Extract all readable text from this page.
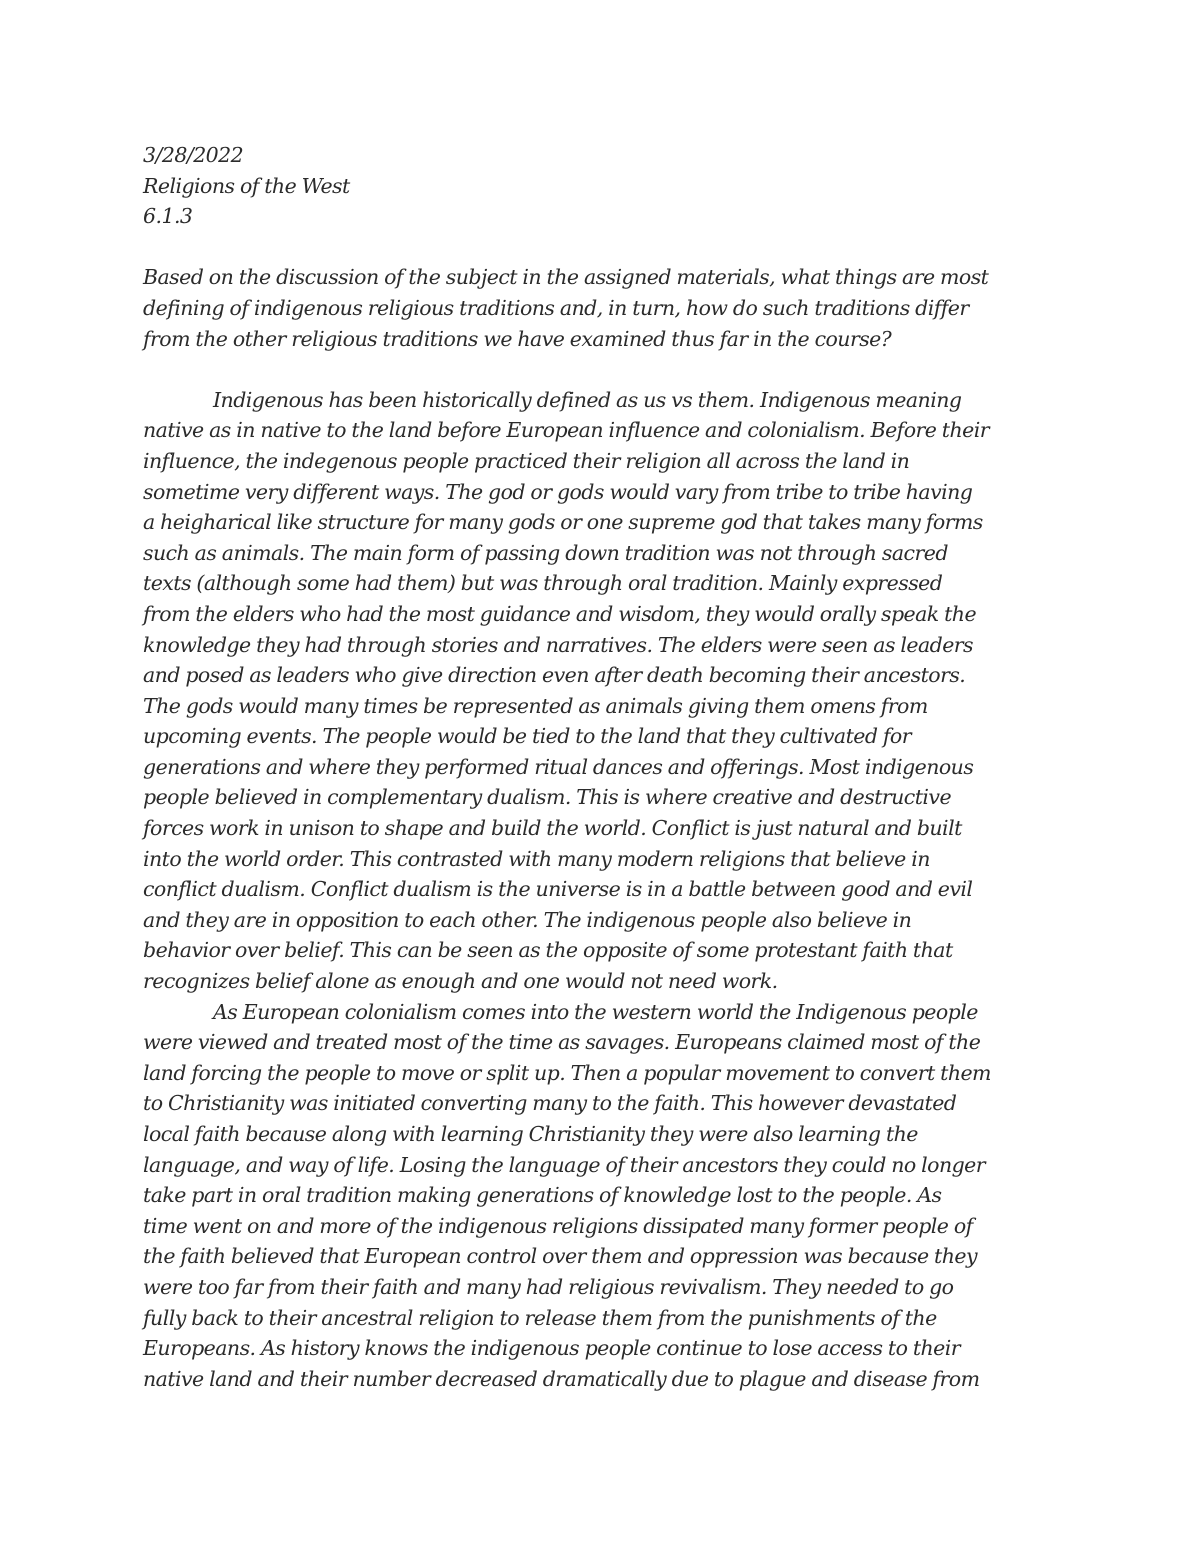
3/28/2022
Religions of the West
6.1.3
Based on the discussion of the subject in the assigned materials, what things are most
defining of indigenous religious traditions and, in turn, how do such traditions differ
from the other religious traditions we have examined thus far in the course?
Indigenous has been historically defined as us vs them. Indigenous meaning
native as in native to the land before European influence and colonialism. Before their
influence, the indegenous people practiced their religion all across the land in
sometime very different ways. The god or gods would vary from tribe to tribe having
a heigharical like structure for many gods or one supreme god that takes many forms
such as animals. The main form of passing down tradition was not through sacred
texts (although some had them) but was through oral tradition. Mainly expressed
from the elders who had the most guidance and wisdom, they would orally speak the
knowledge they had through stories and narratives. The elders were seen as leaders
and posed as leaders who give direction even after death becoming their ancestors.
The gods would many times be represented as animals giving them omens from
upcoming events. The people would be tied to the land that they cultivated for
generations and where they performed ritual dances and offerings. Most indigenous
people believed in complementary dualism. This is where creative and destructive
forces work in unison to shape and build the world. Conflict is just natural and built
into the world order. This contrasted with many modern religions that believe in
conflict dualism. Conflict dualism is the universe is in a battle between good and evil
and they are in opposition to each other. The indigenous people also believe in
behavior over belief. This can be seen as the opposite of some protestant faith that
recognizes belief alone as enough and one would not need work.
As European colonialism comes into the western world the Indigenous people
were viewed and treated most of the time as savages. Europeans claimed most of the
land forcing the people to move or split up. Then a popular movement to convert them
to Christianity was initiated converting many to the faith. This however devastated
local faith because along with learning Christianity they were also learning the
language, and way of life. Losing the language of their ancestors they could no longer
take part in oral tradition making generations of knowledge lost to the people. As
time went on and more of the indigenous religions dissipated many former people of
the faith believed that European control over them and oppression was because they
were too far from their faith and many had religious revivalism. They needed to go
fully back to their ancestral religion to release them from the punishments of the
Europeans. As history knows the indigenous people continue to lose access to their
native land and their number decreased dramatically due to plague and disease from
